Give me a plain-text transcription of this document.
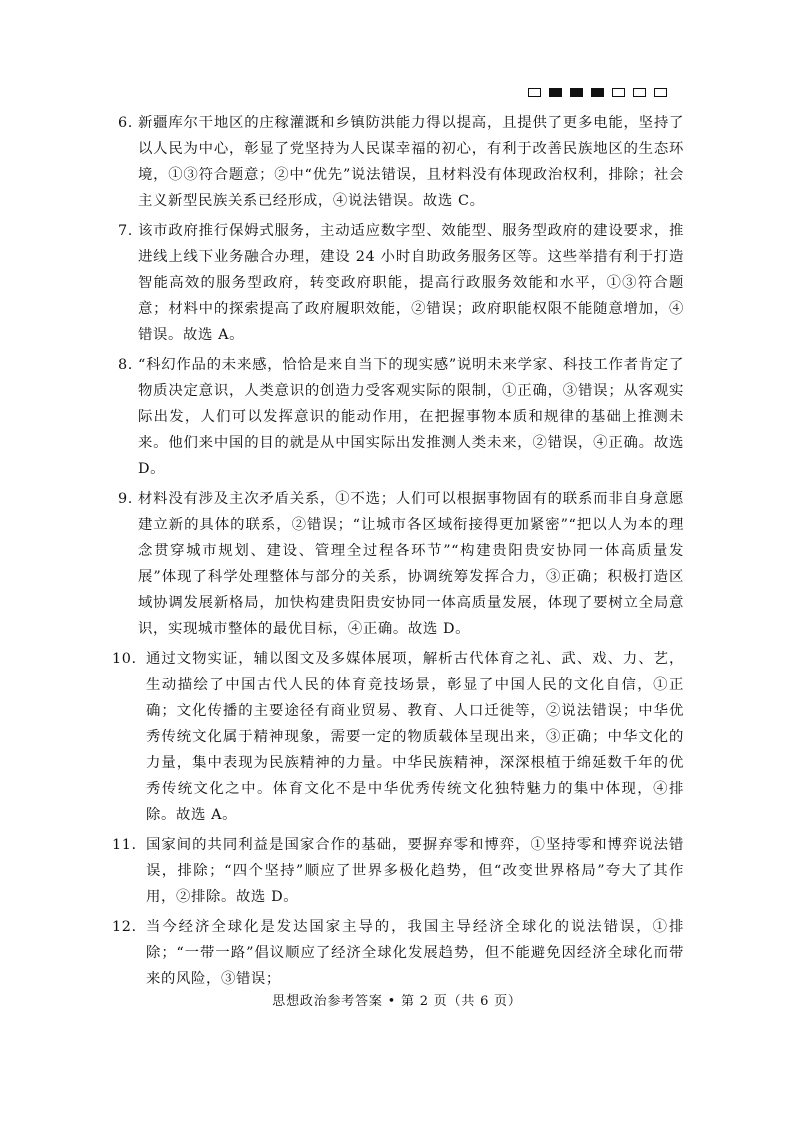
6. 新疆库尔干地区的庄稼灌溉和乡镇防洪能力得以提高，且提供了更多电能，坚持了以人民为中心，彰显了党坚持为人民谋幸福的初心，有利于改善民族地区的生态环境，①③符合题意；②中“优先”说法错误，且材料没有体现政治权利，排除；社会主义新型民族关系已经形成，④说法错误。故选 C。
7. 该市政府推行保姆式服务，主动适应数字型、效能型、服务型政府的建设要求，推进线上线下业务融合办理，建设 24 小时自助政务服务区等。这些举措有利于打造智能高效的服务型政府，转变政府职能，提高行政服务效能和水平，①③符合题意；材料中的探索提高了政府履职效能，②错误；政府职能权限不能随意增加，④错误。故选 A。
8. “科幻作品的未来感，恰恰是来自当下的现实感”说明未来学家、科技工作者肯定了物质决定意识，人类意识的创造力受客观实际的限制，①正确，③错误；从客观实际出发，人们可以发挥意识的能动作用，在把握事物本质和规律的基础上推测未来。他们来中国的目的就是从中国实际出发推测人类未来，②错误，④正确。故选 D。
9. 材料没有涉及主次矛盾关系，①不选；人们可以根据事物固有的联系而非自身意愿建立新的具体的联系，②错误；“让城市各区域衔接得更加紧密”“把以人为本的理念贯穿城市规划、建设、管理全过程各环节”“构建贵阳贵安协同一体高质量发展”体现了科学处理整体与部分的关系，协调统筹发挥合力，③正确；积极打造区域协调发展新格局，加快构建贵阳贵安协同一体高质量发展，体现了要树立全局意识，实现城市整体的最优目标，④正确。故选 D。
10. 通过文物实证，辅以图文及多媒体展项，解析古代体育之礼、武、戏、力、艺，生动描绘了中国古代人民的体育竞技场景，彰显了中国人民的文化自信，①正确；文化传播的主要途径有商业贸易、教育、人口迁徙等，②说法错误；中华优秀传统文化属于精神现象，需要一定的物质载体呈现出来，③正确；中华文化的力量，集中表现为民族精神的力量。中华民族精神，深深根植于绵延数千年的优秀传统文化之中。体育文化不是中华优秀传统文化独特魅力的集中体现，④排除。故选 A。
11. 国家间的共同利益是国家合作的基础，要摒弃零和博弈，①坚持零和博弈说法错误，排除；“四个坚持”顺应了世界多极化趋势，但“改变世界格局”夸大了其作用，②排除。故选 D。
12. 当今经济全球化是发达国家主导的，我国主导经济全球化的说法错误，①排除；“一带一路”倡议顺应了经济全球化发展趋势，但不能避免因经济全球化而带来的风险，③错误；
思想政治参考答案 • 第 2 页（共 6 页）
